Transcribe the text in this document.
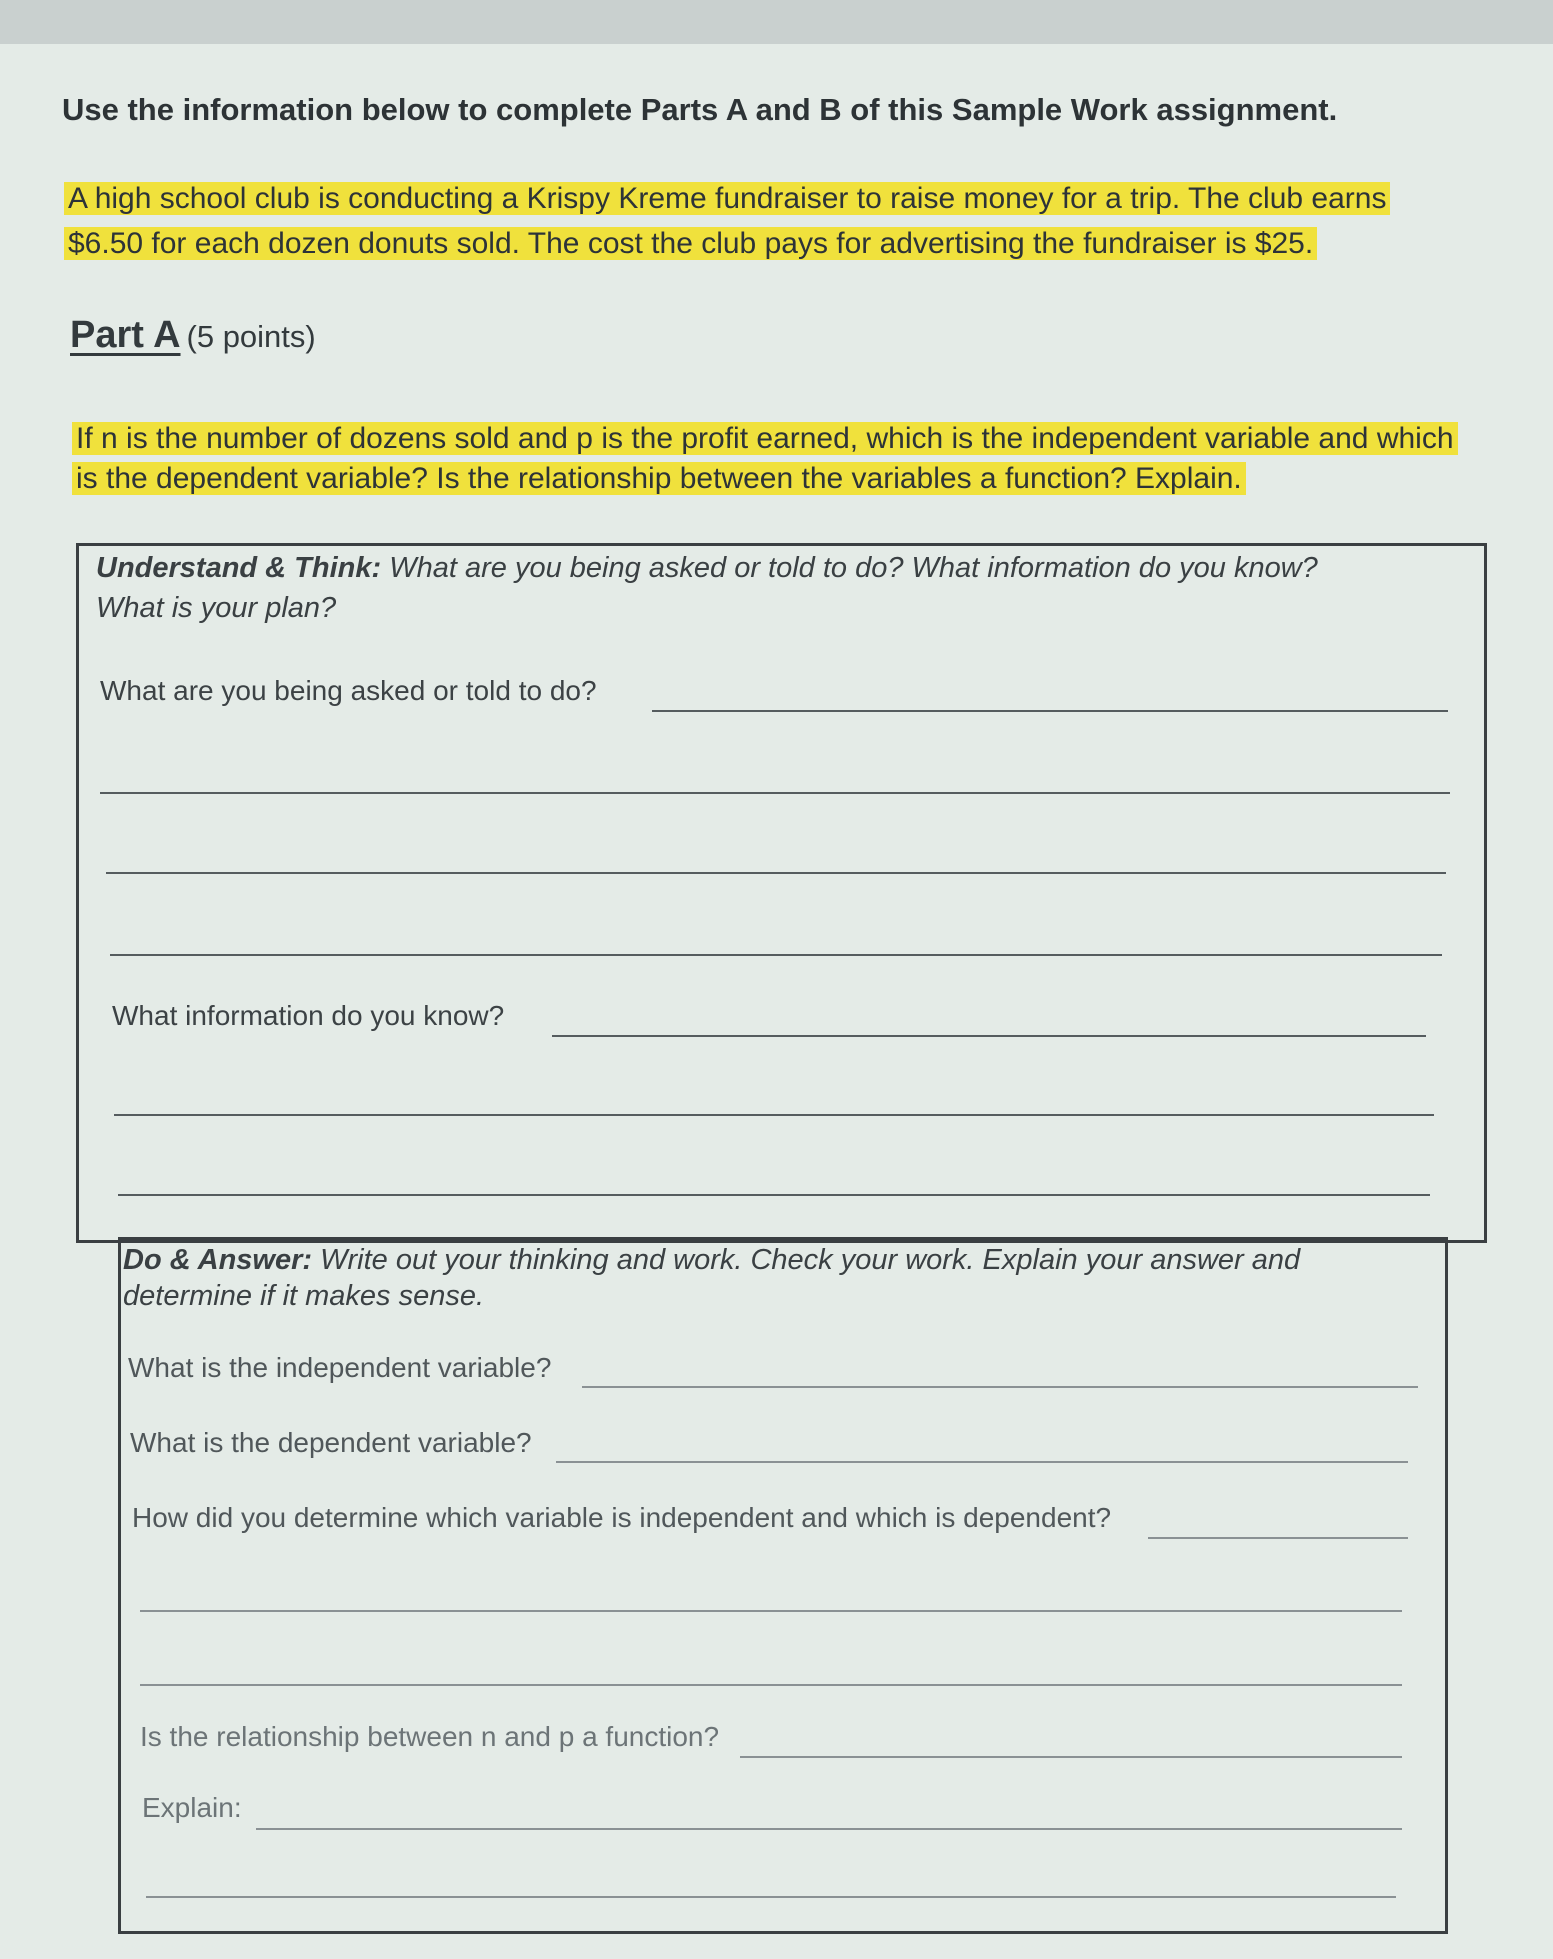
Use the information below to complete Parts A and B of this Sample Work assignment.
A high school club is conducting a Krispy Kreme fundraiser to raise money for a trip. The club earns
$6.50 for each dozen donuts sold. The cost the club pays for advertising the fundraiser is $25.
Part A (5 points)
If n is the number of dozens sold and p is the profit earned, which is the independent variable and which
is the dependent variable? Is the relationship between the variables a function? Explain.
Understand & Think: What are you being asked or told to do? What information do you know?
What is your plan?
What are you being asked or told to do?
What information do you know?
Do & Answer: Write out your thinking and work. Check your work. Explain your answer and
determine if it makes sense.
What is the independent variable?
What is the dependent variable?
How did you determine which variable is independent and which is dependent?
Is the relationship between n and p a function?
Explain:
